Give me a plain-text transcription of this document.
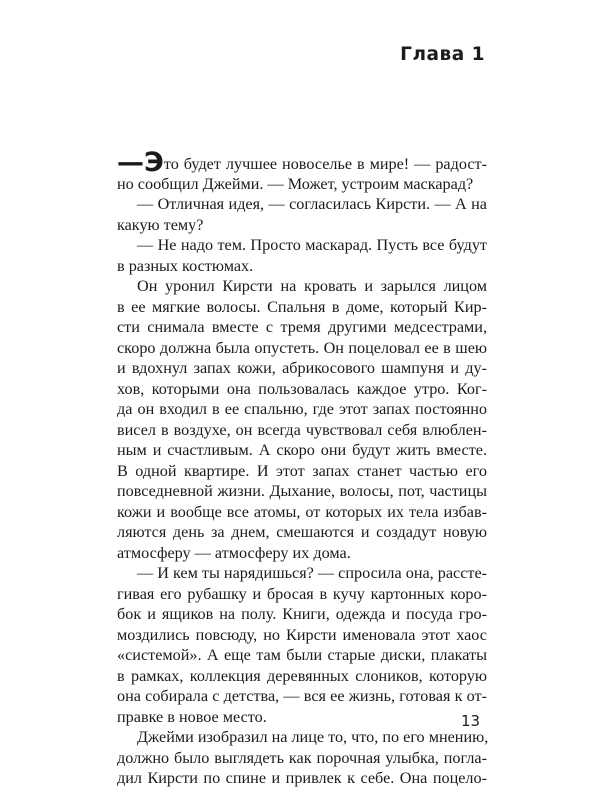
Глава 1
—Это будет лучшее новоселье в мире! — радост-
но сообщил Джейми. — Может, устроим маскарад?
— Отличная идея, — согласилась Кирсти. — А на
какую тему?
— Не надо тем. Просто маскарад. Пусть все будут
в разных костюмах.
Он уронил Кирсти на кровать и зарылся лицом
в ее мягкие волосы. Спальня в доме, который Кир-
сти снимала вместе с тремя другими медсестрами,
скоро должна была опустеть. Он поцеловал ее в шею
и вдохнул запах кожи, абрикосового шампуня и ду-
хов, которыми она пользовалась каждое утро. Ког-
да он входил в ее спальню, где этот запах постоянно
висел в воздухе, он всегда чувствовал себя влюблен-
ным и счастливым. А скоро они будут жить вместе.
В одной квартире. И этот запах станет частью его
повседневной жизни. Дыхание, волосы, пот, частицы
кожи и вообще все атомы, от которых их тела избав-
ляются день за днем, смешаются и создадут новую
атмосферу — атмосферу их дома.
— И кем ты нарядишься? — спросила она, рассте-
гивая его рубашку и бросая в кучу картонных коро-
бок и ящиков на полу. Книги, одежда и посуда гро-
моздились повсюду, но Кирсти именовала этот хаос
«системой». А еще там были старые диски, плакаты
в рамках, коллекция деревянных слоников, которую
она собирала с детства, — вся ее жизнь, готовая к от-
правке в новое место.
Джейми изобразил на лице то, что, по его мнению,
должно было выглядеть как порочная улыбка, погла-
дил Кирсти по спине и привлек к себе. Она поцело-
13
